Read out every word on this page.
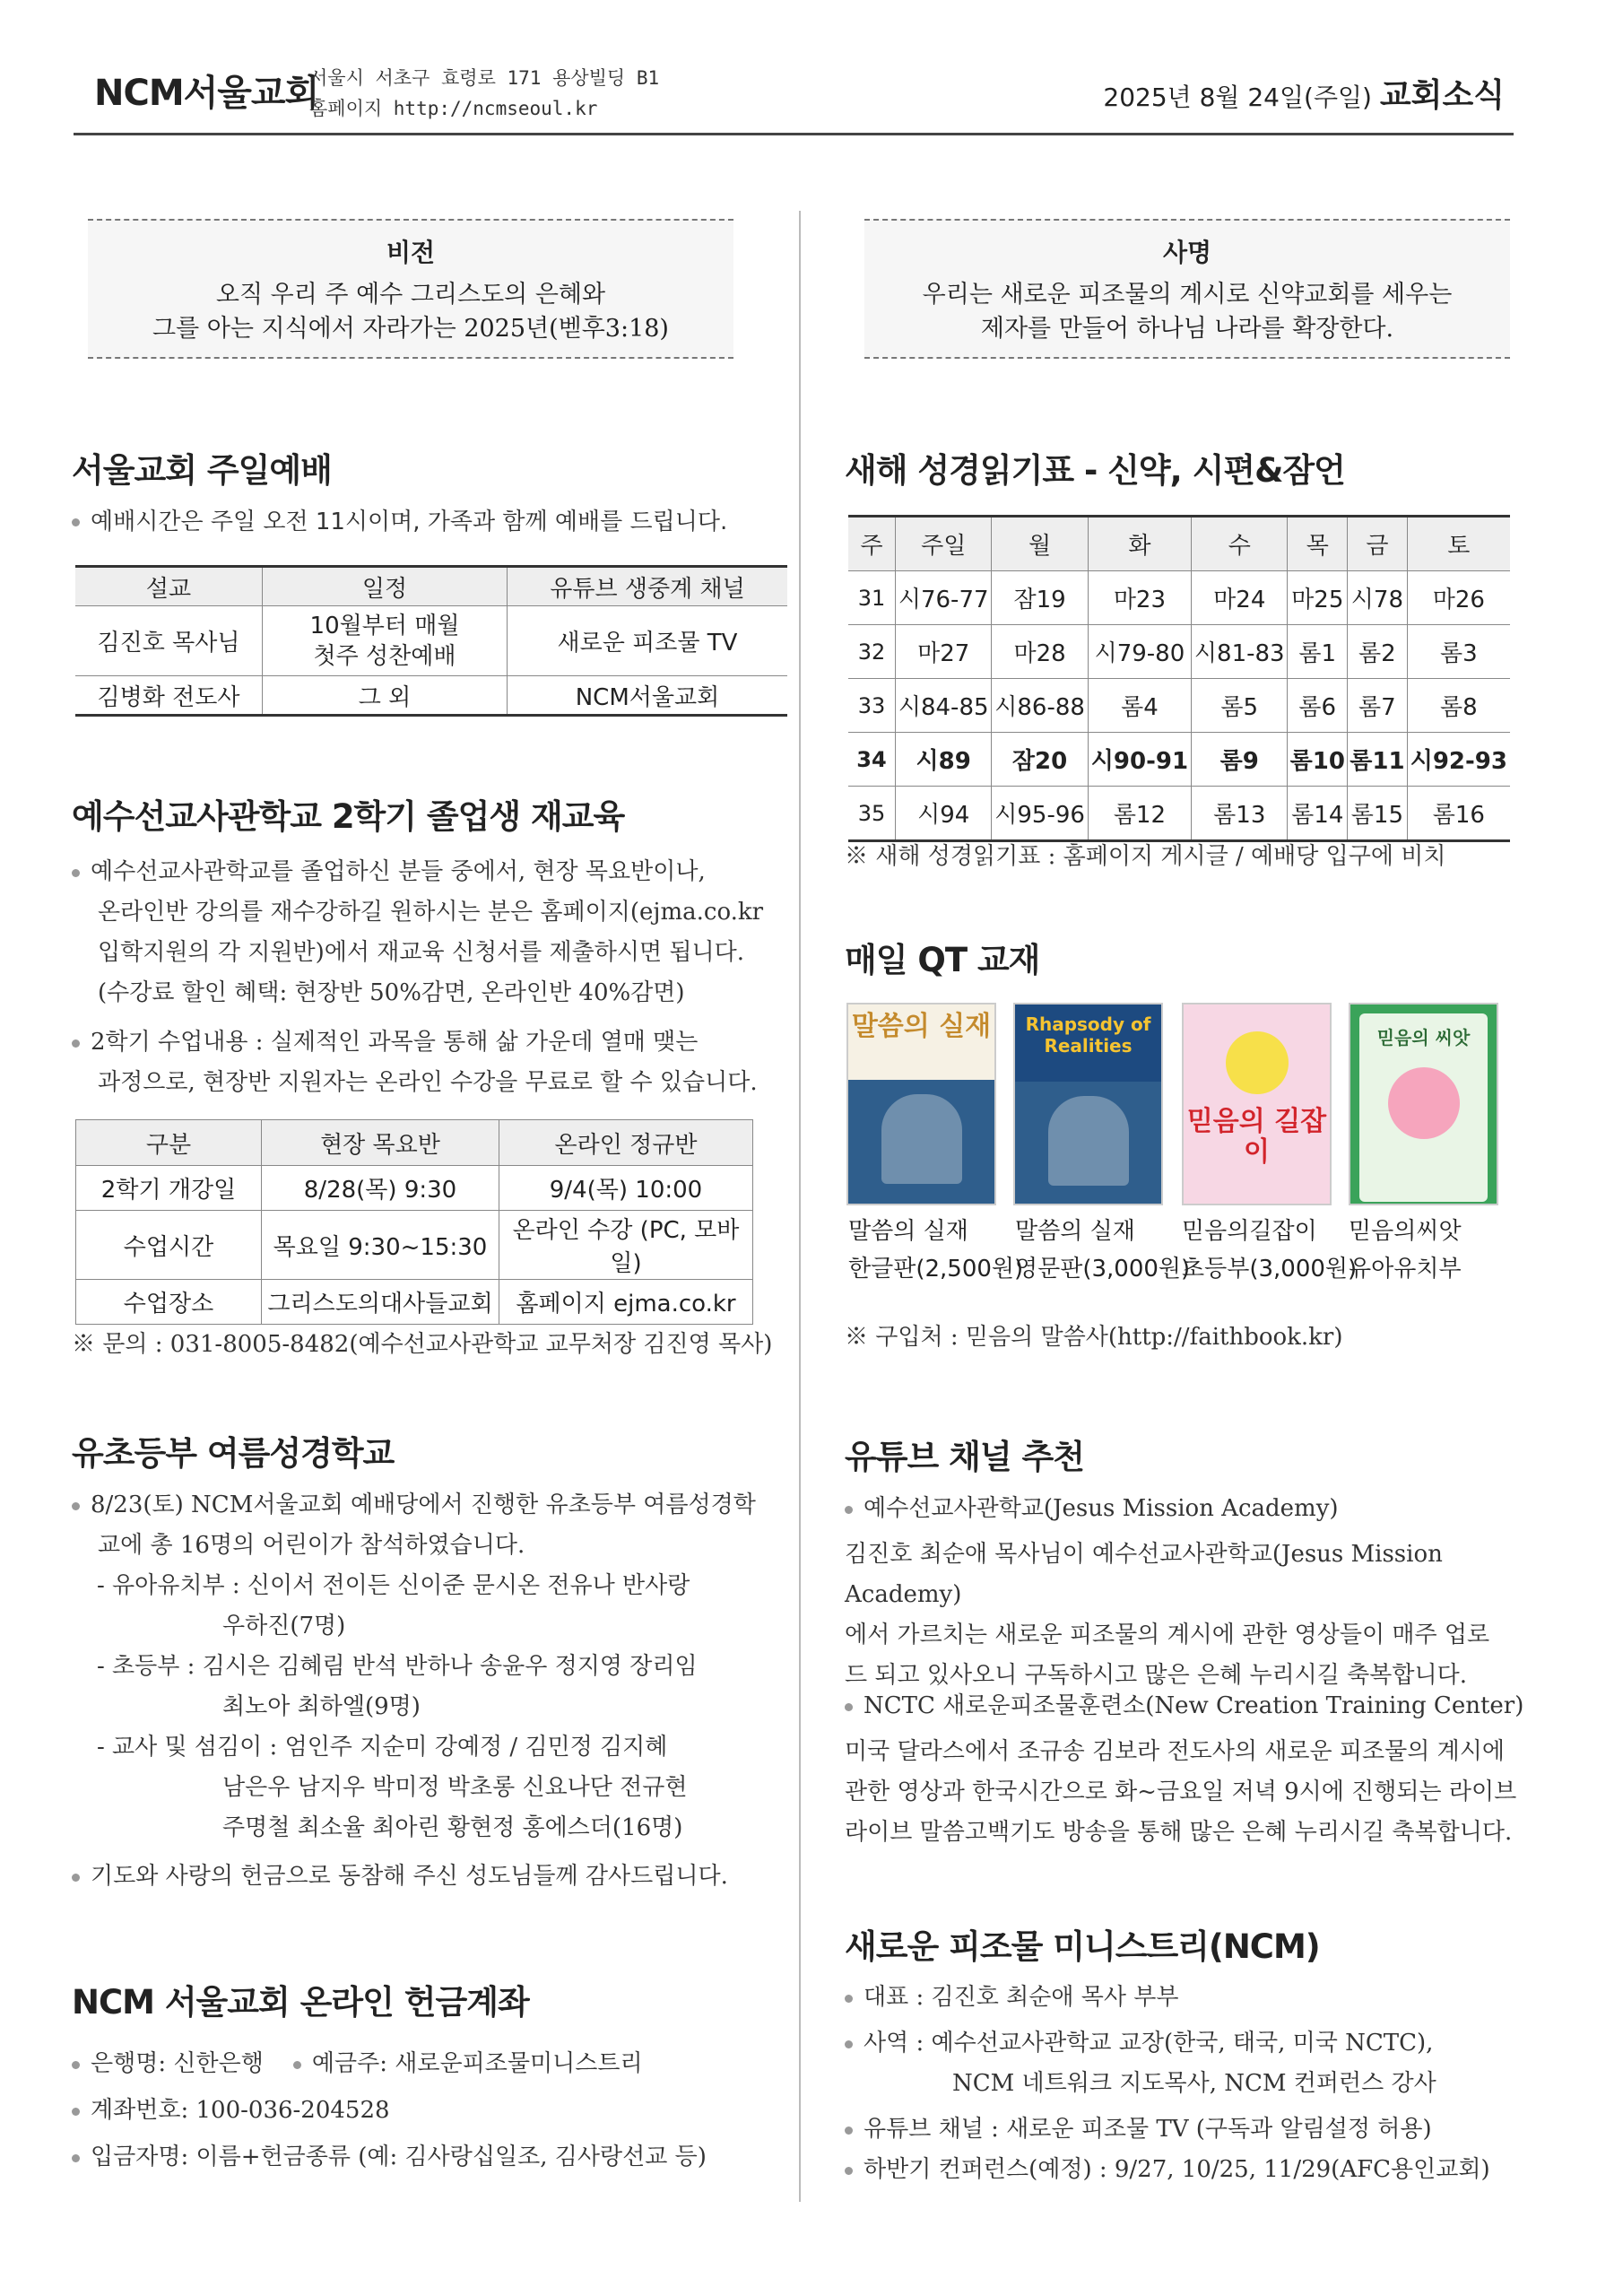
NCM서울교회
서울시 서초구 효령로 171 용상빌딩 B1
홈페이지 http://ncmseoul.kr	2025년 8월 24일(주일) 교회소식
비전
오직 우리 주 예수 그리스도의 은혜와
그를 아는 지식에서 자라가는 2025년(벧후3:18)
사명
우리는 새로운 피조물의 계시로 신약교회를 세우는
제자를 만들어 하나님 나라를 확장한다.
서울교회 주일예배
예배시간은 주일 오전 11시이며, 가족과 함께 예배를 드립니다.
설교	일정	유튜브 생중계 채널
김진호 목사님	10월부터 매월 첫주 성찬예배	새로운 피조물 TV
김병화 전도사	그 외	NCM서울교회
예수선교사관학교 2학기 졸업생 재교육
예수선교사관학교를 졸업하신 분들 중에서, 현장 목요반이나,
온라인반 강의를 재수강하길 원하시는 분은 홈페이지(ejma.co.kr
입학지원의 각 지원반)에서 재교육 신청서를 제출하시면 됩니다.
(수강료 할인 혜택: 현장반 50%감면, 온라인반 40%감면)
2학기 수업내용 : 실제적인 과목을 통해 삶 가운데 열매 맺는
과정으로, 현장반 지원자는 온라인 수강을 무료로 할 수 있습니다.
구분	현장 목요반	온라인 정규반
2학기 개강일	8/28(목) 9:30	9/4(목) 10:00
수업시간	목요일 9:30~15:30	온라인 수강 (PC, 모바일)
수업장소	그리스도의대사들교회	홈페이지 ejma.co.kr
※ 문의 : 031-8005-8482(예수선교사관학교 교무처장 김진영 목사)
유초등부 여름성경학교
8/23(토) NCM서울교회 예배당에서 진행한 유초등부 여름성경학
교에 총 16명의 어린이가 참석하였습니다.
- 유아유치부 : 신이서 전이든 신이준 문시온 전유나 반사랑
우하진(7명)
- 초등부 : 김시은 김혜림 반석 반하나 송윤우 정지영 장리임
최노아 최하엘(9명)
- 교사 및 섬김이 : 엄인주 지순미 강예정 / 김민정 김지혜
남은우 남지우 박미정 박초롱 신요나단 전규현
주명철 최소율 최아린 황현정 홍에스더(16명)
기도와 사랑의 헌금으로 동참해 주신 성도님들께 감사드립니다.
NCM 서울교회 온라인 헌금계좌
은행명: 신한은행 예금주: 새로운피조물미니스트리
계좌번호: 100-036-204528
입금자명: 이름+헌금종류 (예: 김사랑십일조, 김사랑선교 등)
새해 성경읽기표 - 신약, 시편&잠언
주	주일	월	화	수	목	금	토
31	시76-77	잠19	마23	마24	마25	시78	마26
32	마27	마28	시79-80	시81-83	롬1	롬2	롬3
33	시84-85	시86-88	롬4	롬5	롬6	롬7	롬8
34	시89	잠20	시90-91	롬9	롬10	롬11	시92-93
35	시94	시95-96	롬12	롬13	롬14	롬15	롬16
※ 새해 성경읽기표 : 홈페이지 게시글 / 예배당 입구에 비치
매일 QT 교재
말씀의 실재	Rhapsody of Realities
믿음의 길잡이
믿음의 씨앗
말씀의 실재
한글판(2,500원)
말씀의 실재
영문판(3,000원)
믿음의길잡이
초등부(3,000원)
믿음의씨앗
유아유치부
※ 구입처 : 믿음의 말씀사(http://faithbook.kr)
유튜브 채널 추천
예수선교사관학교(Jesus Mission Academy)
김진호 최순애 목사님이 예수선교사관학교(Jesus Mission Academy)
에서 가르치는 새로운 피조물의 계시에 관한 영상들이 매주 업로
드 되고 있사오니 구독하시고 많은 은혜 누리시길 축복합니다.
NCTC 새로운피조물훈련소(New Creation Training Center)
미국 달라스에서 조규송 김보라 전도사의 새로운 피조물의 계시에
관한 영상과 한국시간으로 화~금요일 저녁 9시에 진행되는 라이브
라이브 말씀고백기도 방송을 통해 많은 은혜 누리시길 축복합니다.
새로운 피조물 미니스트리(NCM)
대표 : 김진호 최순애 목사 부부
사역 : 예수선교사관학교 교장(한국, 태국, 미국 NCTC),
NCM 네트워크 지도목사, NCM 컨퍼런스 강사
유튜브 채널 : 새로운 피조물 TV (구독과 알림설정 허용)
하반기 컨퍼런스(예정) : 9/27, 10/25, 11/29(AFC용인교회)
